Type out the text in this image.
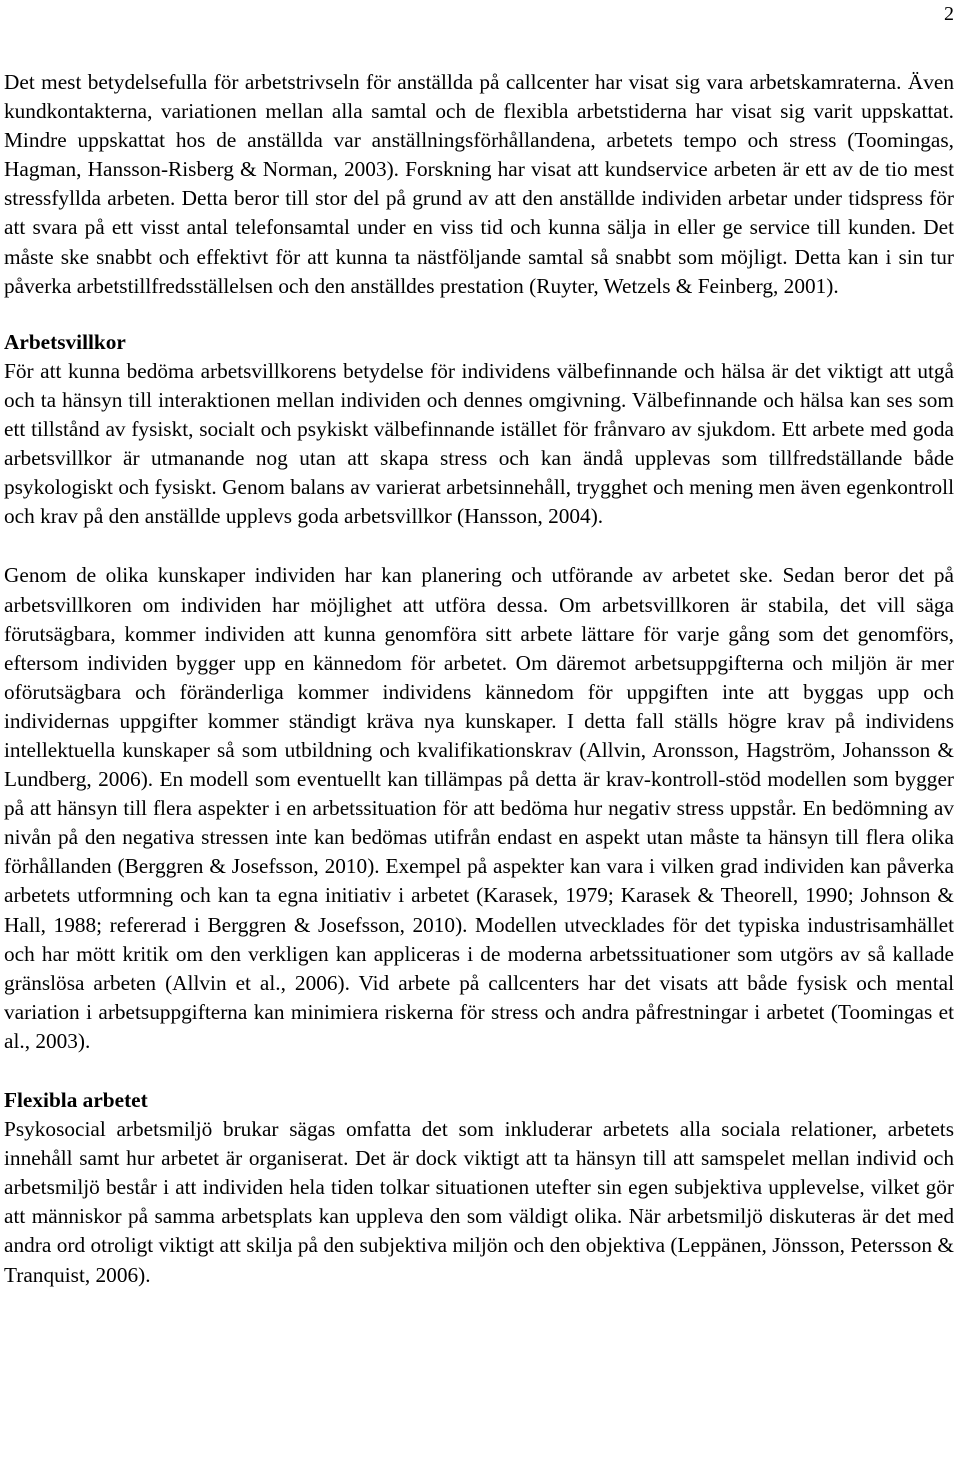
2

Det mest betydelsefulla för arbetstrivseln för anställda på callcenter har visat sig vara arbetskamraterna. Även kundkontakterna, variationen mellan alla samtal och de flexibla arbetstiderna har visat sig varit uppskattat. Mindre uppskattat hos de anställda var anställningsförhållandena, arbetets tempo och stress (Toomingas, Hagman, Hansson-Risberg & Norman, 2003). Forskning har visat att kundservice arbeten är ett av de tio mest stressfyllda arbeten. Detta beror till stor del på grund av att den anställde individen arbetar under tidspress för att svara på ett visst antal telefonsamtal under en viss tid och kunna sälja in eller ge service till kunden. Det måste ske snabbt och effektivt för att kunna ta nästföljande samtal så snabbt som möjligt. Detta kan i sin tur påverka arbetstillfredsställelsen och den anställdes prestation (Ruyter, Wetzels & Feinberg, 2001).

Arbetsvillkor

För att kunna bedöma arbetsvillkorens betydelse för individens välbefinnande och hälsa är det viktigt att utgå och ta hänsyn till interaktionen mellan individen och dennes omgivning. Välbefinnande och hälsa kan ses som ett tillstånd av fysiskt, socialt och psykiskt välbefinnande istället för frånvaro av sjukdom. Ett arbete med goda arbetsvillkor är utmanande nog utan att skapa stress och kan ändå upplevas som tillfredställande både psykologiskt och fysiskt. Genom balans av varierat arbetsinnehåll, trygghet och mening men även egenkontroll och krav på den anställde upplevs goda arbetsvillkor (Hansson, 2004).

Genom de olika kunskaper individen har kan planering och utförande av arbetet ske. Sedan beror det på arbetsvillkoren om individen har möjlighet att utföra dessa. Om arbetsvillkoren är stabila, det vill säga förutsägbara, kommer individen att kunna genomföra sitt arbete lättare för varje gång som det genomförs, eftersom individen bygger upp en kännedom för arbetet. Om däremot arbetsuppgifterna och miljön är mer oförutsägbara och föränderliga kommer individens kännedom för uppgiften inte att byggas upp och individernas uppgifter kommer ständigt kräva nya kunskaper. I detta fall ställs högre krav på individens intellektuella kunskaper så som utbildning och kvalifikationskrav (Allvin, Aronsson, Hagström, Johansson & Lundberg, 2006). En modell som eventuellt kan tillämpas på detta är krav-kontroll-stöd modellen som bygger på att hänsyn till flera aspekter i en arbetssituation för att bedöma hur negativ stress uppstår. En bedömning av nivån på den negativa stressen inte kan bedömas utifrån endast en aspekt utan måste ta hänsyn till flera olika förhållanden (Berggren & Josefsson, 2010). Exempel på aspekter kan vara i vilken grad individen kan påverka arbetets utformning och kan ta egna initiativ i arbetet (Karasek, 1979; Karasek & Theorell, 1990; Johnson & Hall, 1988; refererad i Berggren & Josefsson, 2010). Modellen utvecklades för det typiska industrisamhället och har mött kritik om den verkligen kan appliceras i de moderna arbetssituationer som utgörs av så kallade gränslösa arbeten (Allvin et al., 2006). Vid arbete på callcenters har det visats att både fysisk och mental variation i arbetsuppgifterna kan minimiera riskerna för stress och andra påfrestningar i arbetet (Toomingas et al., 2003).

Flexibla arbetet

Psykosocial arbetsmiljö brukar sägas omfatta det som inkluderar arbetets alla sociala relationer, arbetets innehåll samt hur arbetet är organiserat. Det är dock viktigt att ta hänsyn till att samspelet mellan individ och arbetsmiljö består i att individen hela tiden tolkar situationen utefter sin egen subjektiva upplevelse, vilket gör att människor på samma arbetsplats kan uppleva den som väldigt olika. När arbetsmiljö diskuteras är det med andra ord otroligt viktigt att skilja på den subjektiva miljön och den objektiva (Leppänen, Jönsson, Petersson & Tranquist, 2006).
